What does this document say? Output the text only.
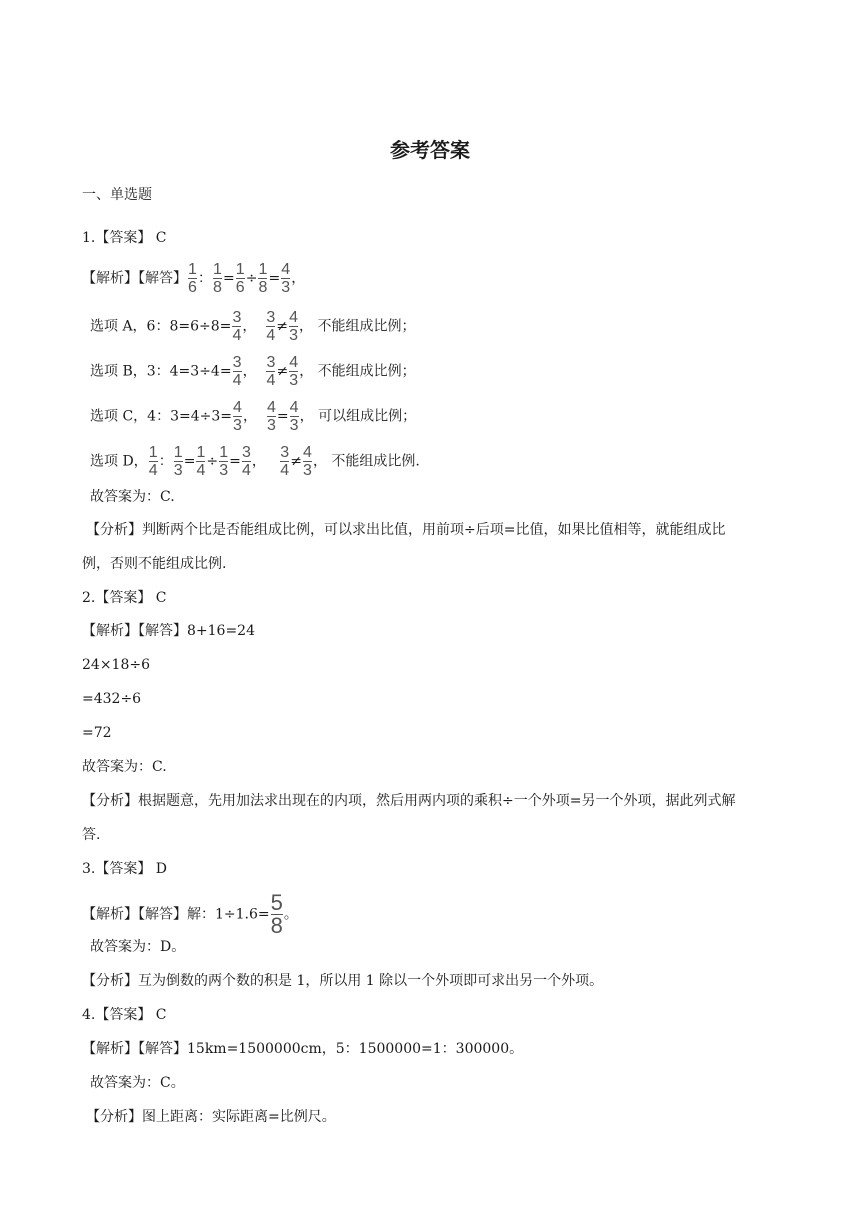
参考答案
一、单选题
1.【答案】 C
【解析】【解答】 $\frac{1}{6}$ ： $\frac{1}{8} = \frac{1}{6} \div \frac{1}{8} = \frac{4}{3}$ ，
选项 A，6：$8=6\div 8= \frac{3}{4}$ ， $\frac{3}{4} \ne \frac{4}{3}$ ， 不能组成比例；
选项 B，3：$4=3\div 4= \frac{3}{4}$ ， $\frac{3}{4} \ne \frac{4}{3}$ ， 不能组成比例；
选项 C，4：$3=4\div 3= \frac{4}{3}$ ， $\frac{4}{3} = \frac{4}{3}$ ， 可以组成比例；
选项 D， $\frac{1}{4}$ ： $\frac{1}{3} = \frac{1}{4} \div \frac{1}{3} = \frac{3}{4}$ ， $\frac{3}{4} \ne \frac{4}{3}$ ， 不能组成比例.
故答案为：C.
【分析】判断两个比是否能组成比例，可以求出比值，用前项÷后项=比值，如果比值相等，就能组成比
例，否则不能组成比例.
2.【答案】 C
【解析】【解答】8+16=24
24×18÷6
=432÷6
=72
故答案为：C.
【分析】根据题意，先用加法求出现在的内项，然后用两内项的乘积÷一个外项=另一个外项，据此列式解
答.
3.【答案】 D
【解析】【解答】解：$1\div 1.6= \frac{5}{8}$ 。
故答案为：D。
【分析】互为倒数的两个数的积是 1，所以用 1 除以一个外项即可求出另一个外项。
4.【答案】 C
【解析】【解答】15km=1500000cm，5：1500000=1：300000。
故答案为：C。
【分析】图上距离：实际距离=比例尺。
